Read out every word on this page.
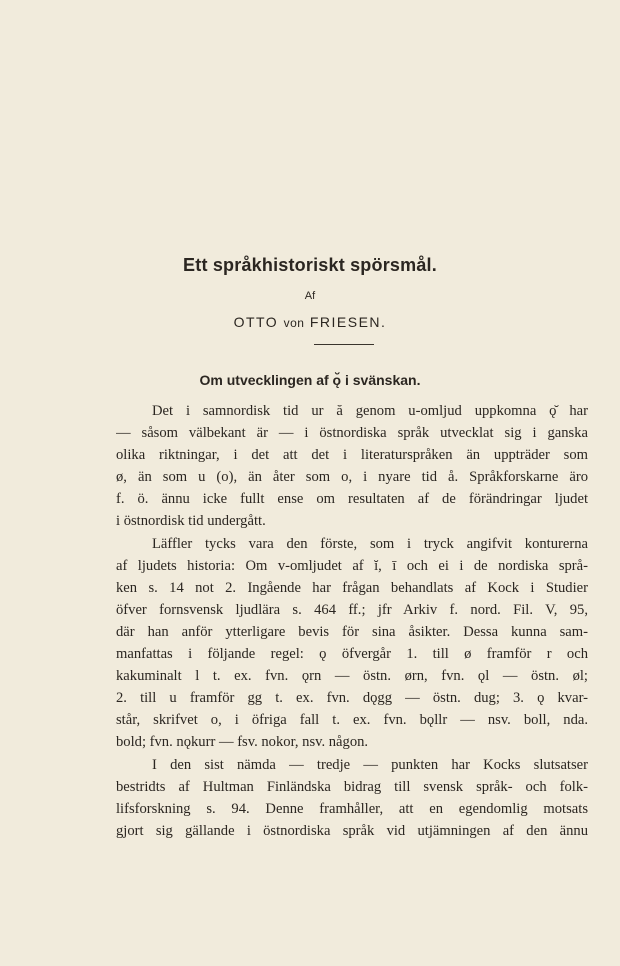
Ett språkhistoriskt spörsmål.
Af
OTTO von FRIESEN.
Om utvecklingen af ǫ̆ i svänskan.
Det i samnordisk tid ur ă genom u-omljud uppkomna ǫ̆ har
— såsom välbekant är — i östnordiska språk utvecklat sig i ganska
olika riktningar, i det att det i literaturspråken än uppträder som
ø, än som u (o), än åter som o, i nyare tid å. Språkforskarne äro
f. ö. ännu icke fullt ense om resultaten af de förändringar ljudet
i östnordisk tid undergått.
Läffler tycks vara den förste, som i tryck angifvit konturerna
af ljudets historia: Om v-omljudet af ĭ, ī och ei i de nordiska språ-
ken s. 14 not 2. Ingående har frågan behandlats af Kock i Studier
öfver fornsvensk ljudlära s. 464 ff.; jfr Arkiv f. nord. Fil. V, 95,
där han anför ytterligare bevis för sina åsikter. Dessa kunna sam-
manfattas i följande regel: ǫ öfvergår 1. till ø framför r och
kakuminalt l t. ex. fvn. ǫrn — östn. ørn, fvn. ǫl — östn. øl;
2. till u framför gg t. ex. fvn. dǫgg — östn. dug; 3. ǫ kvar-
står, skrifvet o, i öfriga fall t. ex. fvn. bǫllr — nsv. boll, nda.
bold; fvn. nǫkurr — fsv. nokor, nsv. någon.
I den sist nämda — tredje — punkten har Kocks slutsatser
bestridts af Hultman Finländska bidrag till svensk språk- och folk-
lifsforskning s. 94. Denne framhåller, att en egendomlig motsats
gjort sig gällande i östnordiska språk vid utjämningen af den ännu
